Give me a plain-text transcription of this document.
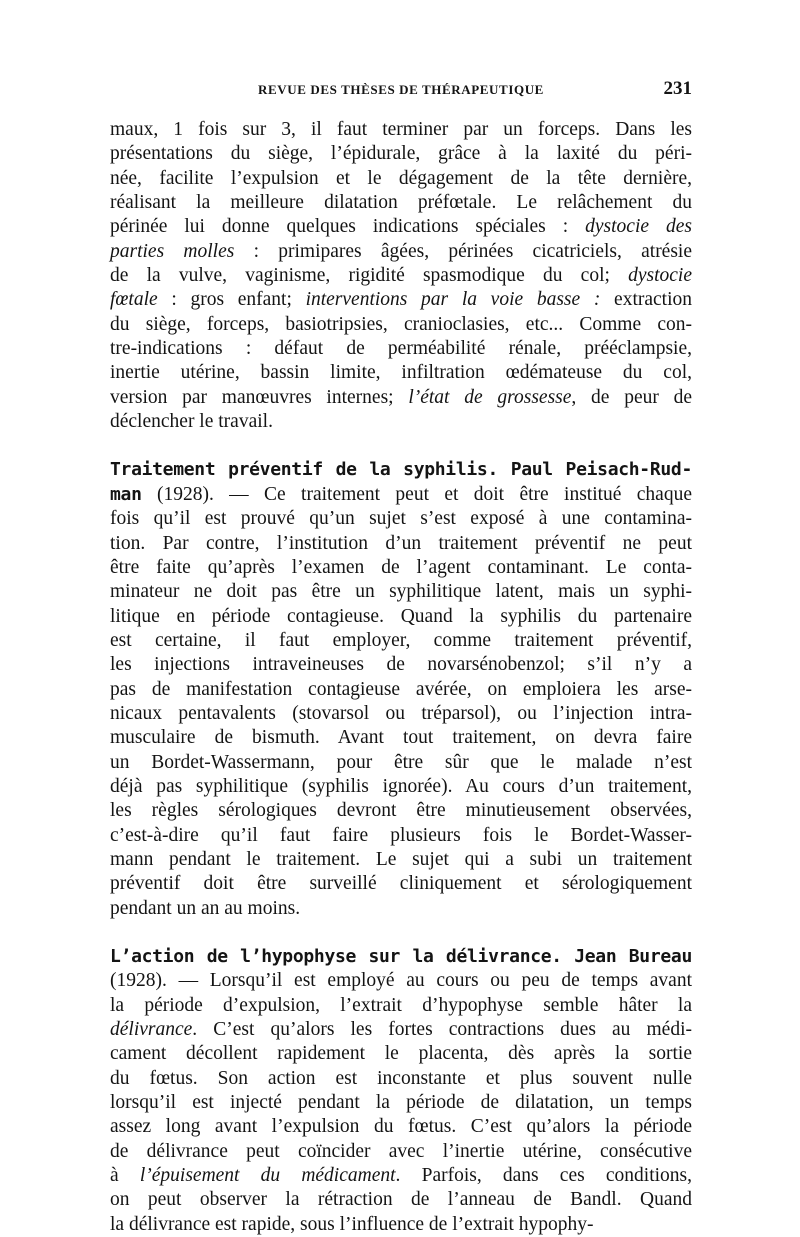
REVUE DES THÈSES DE THÉRAPEUTIQUE	231
maux, 1 fois sur 3, il faut terminer par un forceps. Dans les
présentations du siège, l’épidurale, grâce à la laxité du péri-
née, facilite l’expulsion et le dégagement de la tête dernière,
réalisant la meilleure dilatation préfœtale. Le relâchement du
périnée lui donne quelques indications spéciales : dystocie des
parties molles : primipares âgées, périnées cicatriciels, atrésie
de la vulve, vaginisme, rigidité spasmodique du col; dystocie
fœtale : gros enfant; interventions par la voie basse : extraction
du siège, forceps, basiotripsies, cranioclasies, etc... Comme con-
tre-indications : défaut de perméabilité rénale, prééclampsie,
inertie utérine, bassin limite, infiltration œdémateuse du col,
version par manœuvres internes; l’état de grossesse, de peur de
déclencher le travail.
Traitement préventif de la syphilis. Paul Peisach-Rud-
man (1928). — Ce traitement peut et doit être institué chaque
fois qu’il est prouvé qu’un sujet s’est exposé à une contamina-
tion. Par contre, l’institution d’un traitement préventif ne peut
être faite qu’après l’examen de l’agent contaminant. Le conta-
minateur ne doit pas être un syphilitique latent, mais un syphi-
litique en période contagieuse. Quand la syphilis du partenaire
est certaine, il faut employer, comme traitement préventif,
les injections intraveineuses de novarsénobenzol; s’il n’y a
pas de manifestation contagieuse avérée, on emploiera les arse-
nicaux pentavalents (stovarsol ou tréparsol), ou l’injection intra-
musculaire de bismuth. Avant tout traitement, on devra faire
un Bordet-Wassermann, pour être sûr que le malade n’est
déjà pas syphilitique (syphilis ignorée). Au cours d’un traitement,
les règles sérologiques devront être minutieusement observées,
c’est-à-dire qu’il faut faire plusieurs fois le Bordet-Wasser-
mann pendant le traitement. Le sujet qui a subi un traitement
préventif doit être surveillé cliniquement et sérologiquement
pendant un an au moins.
L’action de l’hypophyse sur la délivrance. Jean Bureau
(1928). — Lorsqu’il est employé au cours ou peu de temps avant
la période d’expulsion, l’extrait d’hypophyse semble hâter la
délivrance. C’est qu’alors les fortes contractions dues au médi-
cament décollent rapidement le placenta, dès après la sortie
du fœtus. Son action est inconstante et plus souvent nulle
lorsqu’il est injecté pendant la période de dilatation, un temps
assez long avant l’expulsion du fœtus. C’est qu’alors la période
de délivrance peut coïncider avec l’inertie utérine, consécutive
à l’épuisement du médicament. Parfois, dans ces conditions,
on peut observer la rétraction de l’anneau de Bandl. Quand
la délivrance est rapide, sous l’influence de l’extrait hypophy-
